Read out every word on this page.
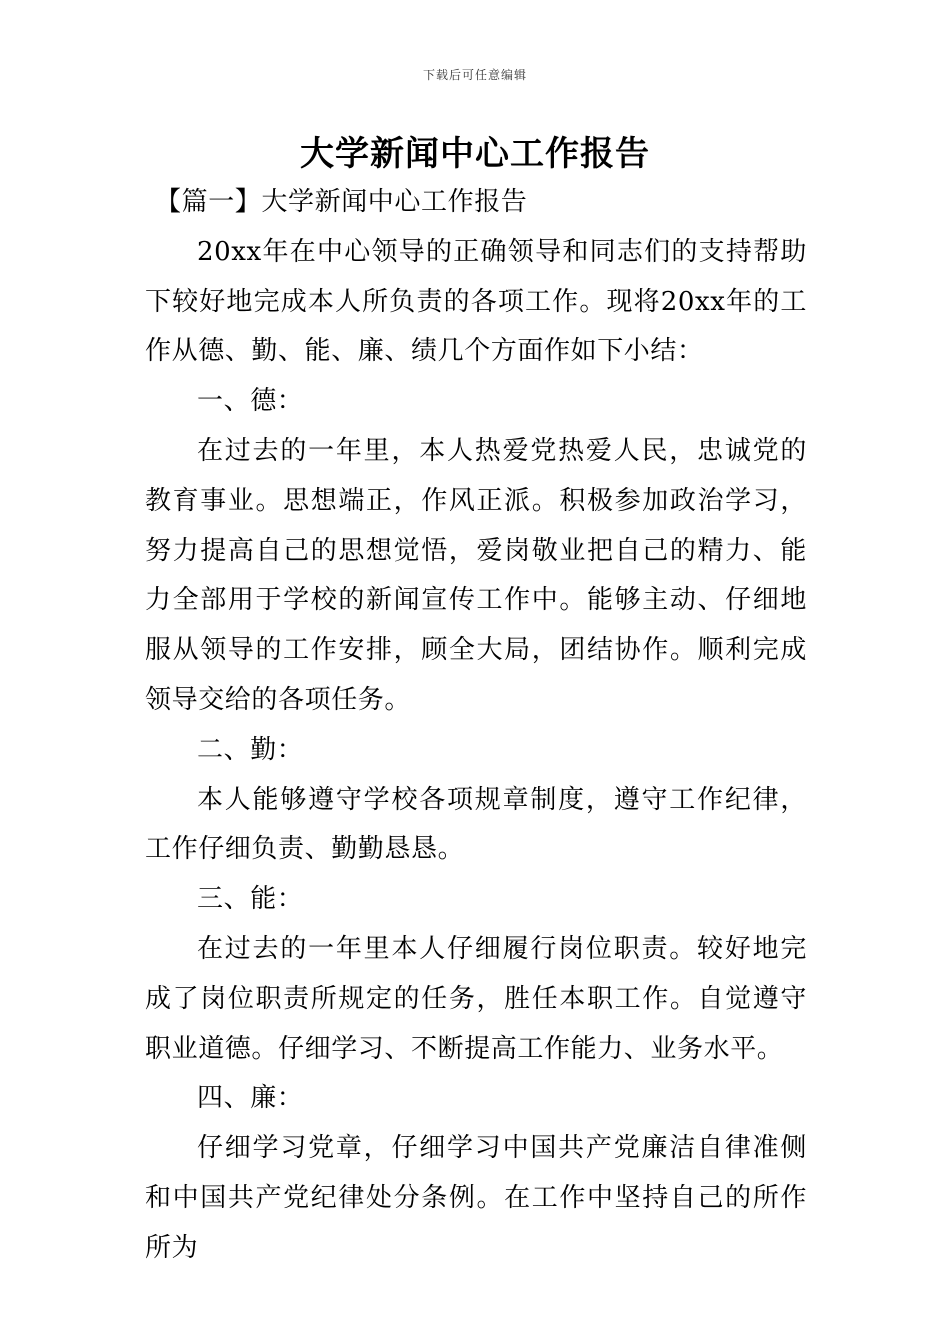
下载后可任意编辑
大学新闻中心工作报告

【篇一】大学新闻中心工作报告

20xx年在中心领导的正确领导和同志们的支持帮助下较好地完成本人所负责的各项工作。现将20xx年的工作从德、勤、能、廉、绩几个方面作如下小结：

一、德：

在过去的一年里，本人热爱党热爱人民，忠诚党的教育事业。思想端正，作风正派。积极参加政治学习，努力提高自己的思想觉悟，爱岗敬业把自己的精力、能力全部用于学校的新闻宣传工作中。能够主动、仔细地服从领导的工作安排，顾全大局，团结协作。顺利完成领导交给的各项任务。

二、勤：

本人能够遵守学校各项规章制度，遵守工作纪律，工作仔细负责、勤勤恳恳。

三、能：

在过去的一年里本人仔细履行岗位职责。较好地完成了岗位职责所规定的任务，胜任本职工作。自觉遵守职业道德。仔细学习、不断提高工作能力、业务水平。

四、廉：

仔细学习党章，仔细学习中国共产党廉洁自律准侧和中国共产党纪律处分条例。在工作中坚持自己的所作所为
